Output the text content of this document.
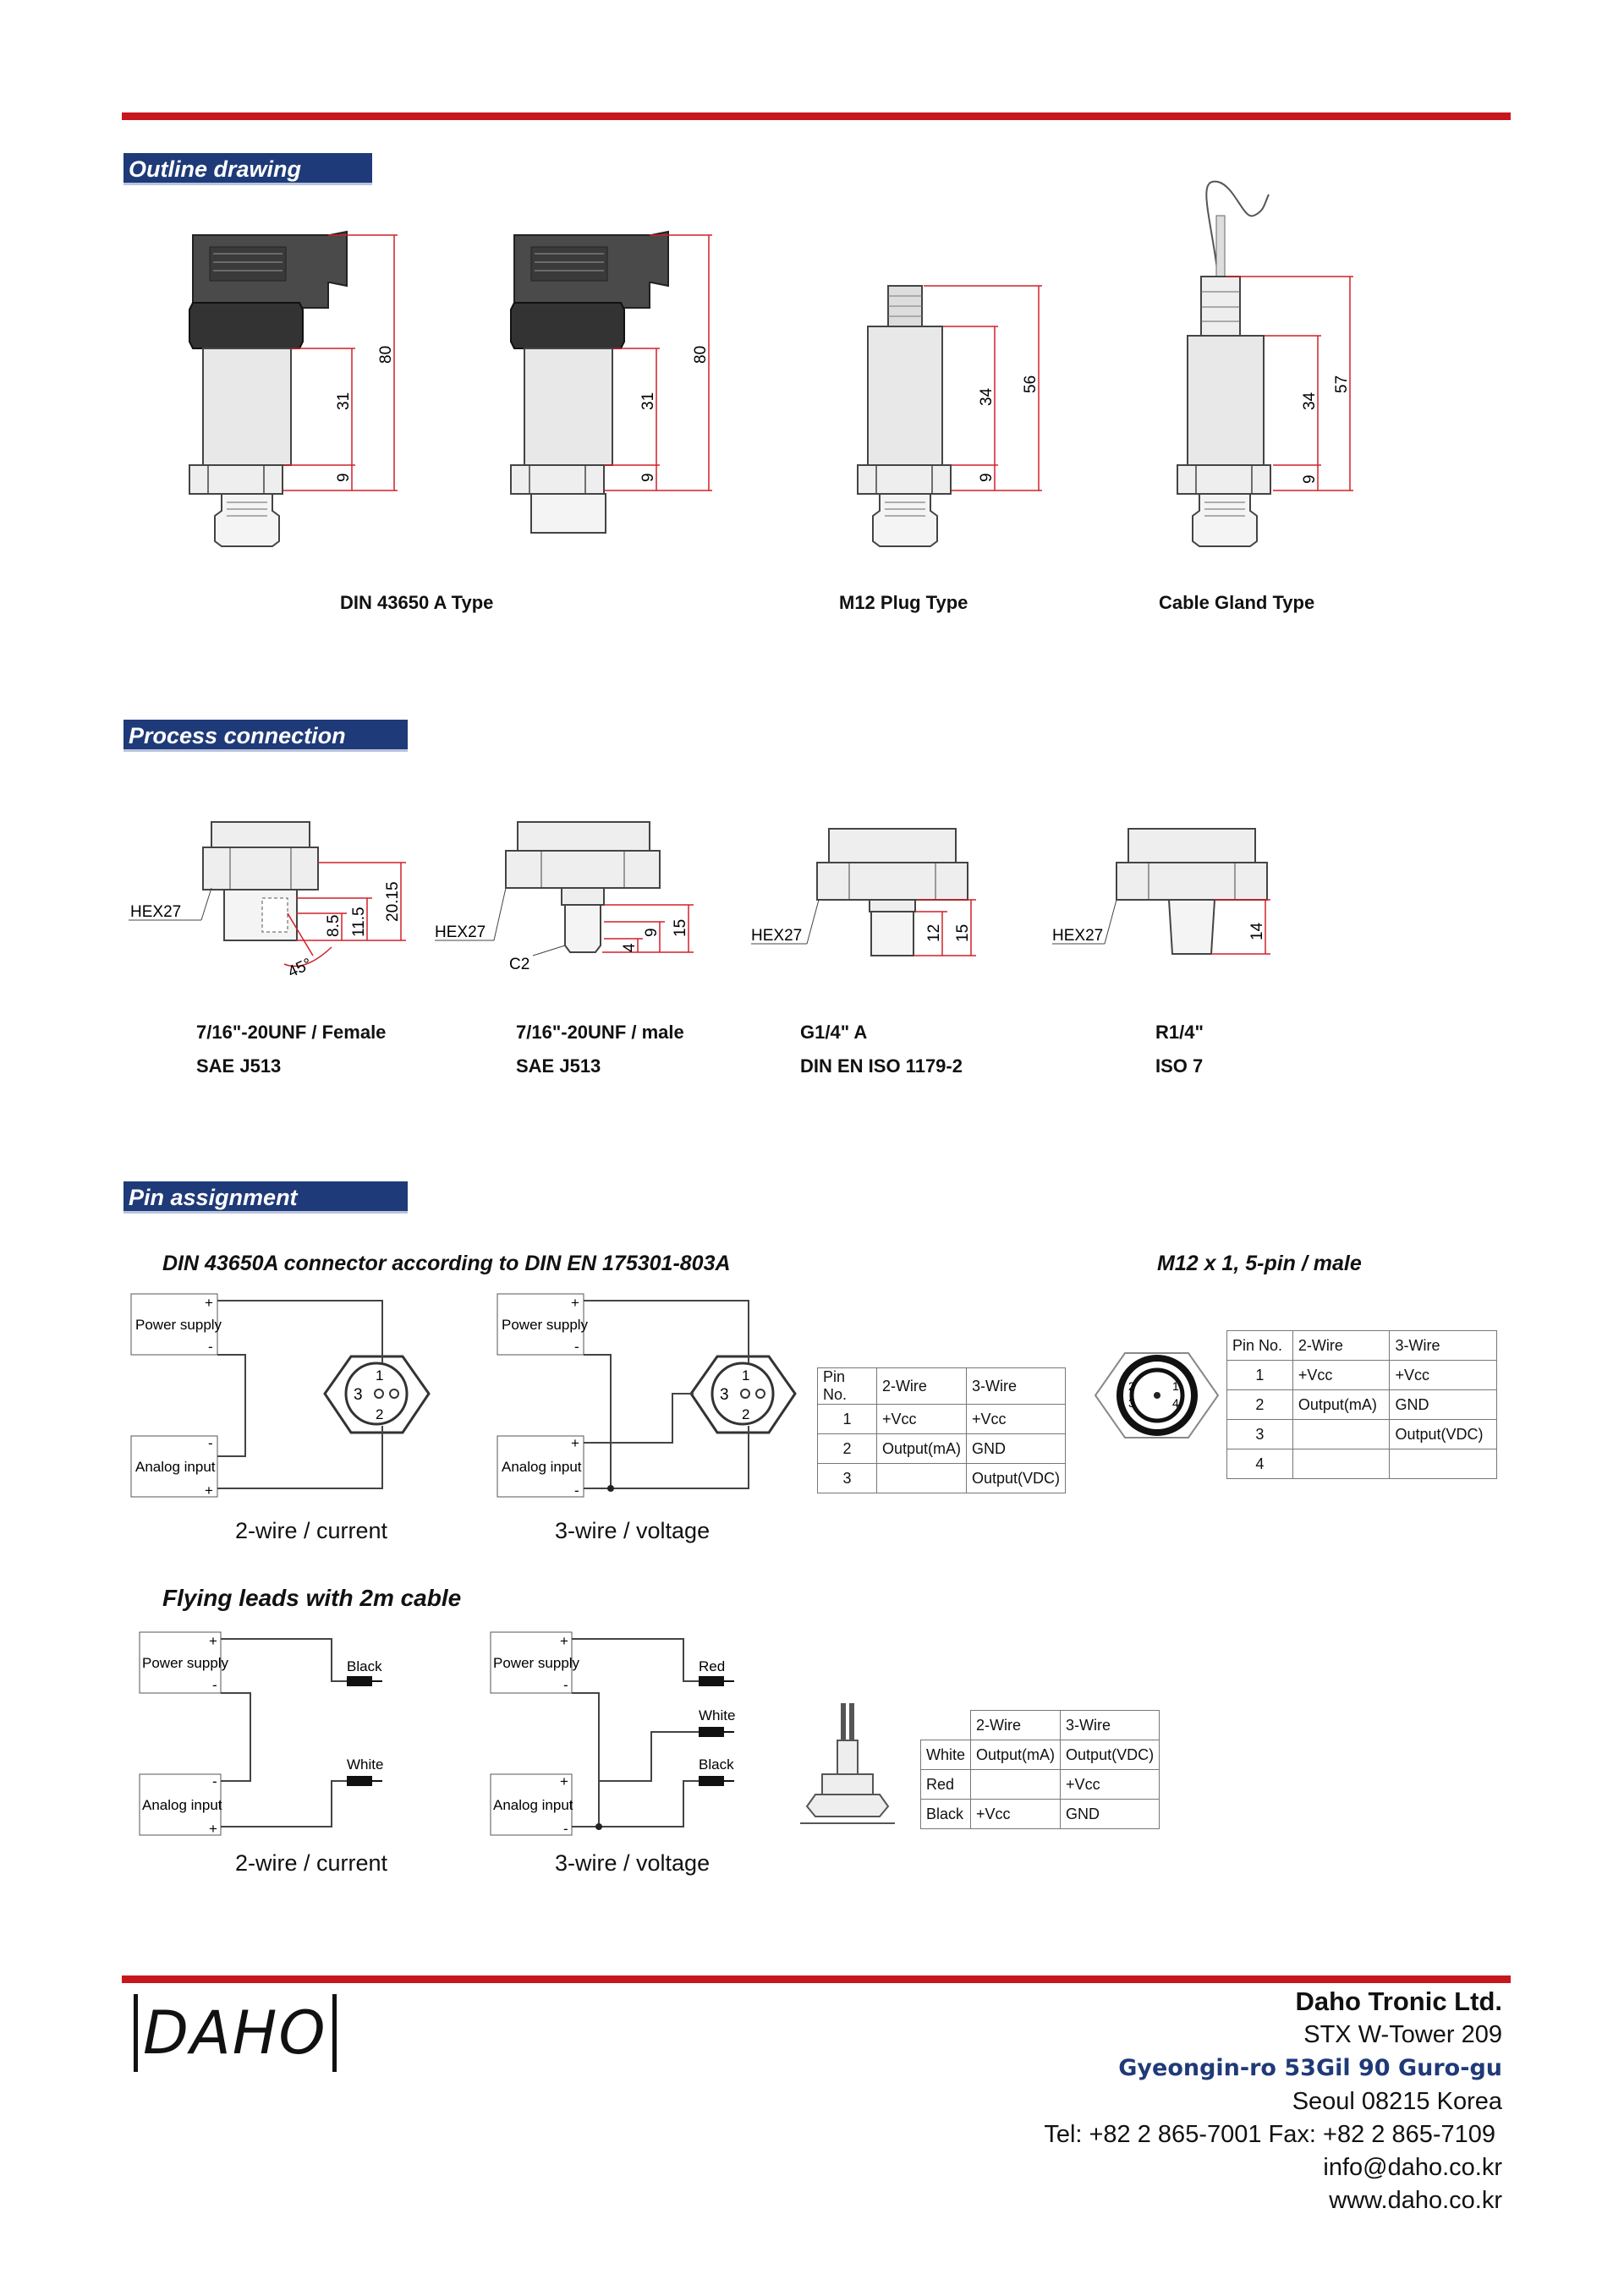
Outline drawing
80
31
9
80
31
9
56
34
9
57
34
9
DIN 43650 A Type	M12 Plug Type	Cable Gland Type
Process connection
HEX27	20.15
11.5
8.5
45°
HEX27
C2
15
9
4
HEX27	15
12	HEX27	14
7/16"-20UNF / Female
SAE J513
7/16"-20UNF / male
SAE J513
G1/4" A
DIN EN ISO 1179-2
R1/4"
ISO 7
Pin assignment
DIN 43650A connector according to DIN EN 175301-803A	M12 x 1, 5-pin / male
Power supply
+
-
Analog input
-
+
3
1
2
Power supply
+
-
Analog input
+
-
3
1
2
2	1
3	4
Pin No.	2-Wire	3-Wire
1	+Vcc	+Vcc
2	Output(mA)	GND
3		Output(VDC)
Pin No.	2-Wire	3-Wire
1	+Vcc	+Vcc
2	Output(mA)	GND
3		Output(VDC)
4		
2-wire / current	3-wire / voltage
Flying leads with 2m cable
Power supply
+
-
Analog input
-
+
Black
White
Power supply
+
-
Analog input
+
-
Red
White
Black
	2-Wire	3-Wire
White	Output(mA)	Output(VDC)
Red		+Vcc
Black	+Vcc	GND
2-wire / current	3-wire / voltage
DAHO	Daho Tronic Ltd.
STX W-Tower 209
Gyeongin-ro 53Gil 90 Guro-gu
Seoul 08215 Korea
Tel: +82 2 865-7001 Fax: +82 2 865-7109
info@daho.co.kr
www.daho.co.kr
